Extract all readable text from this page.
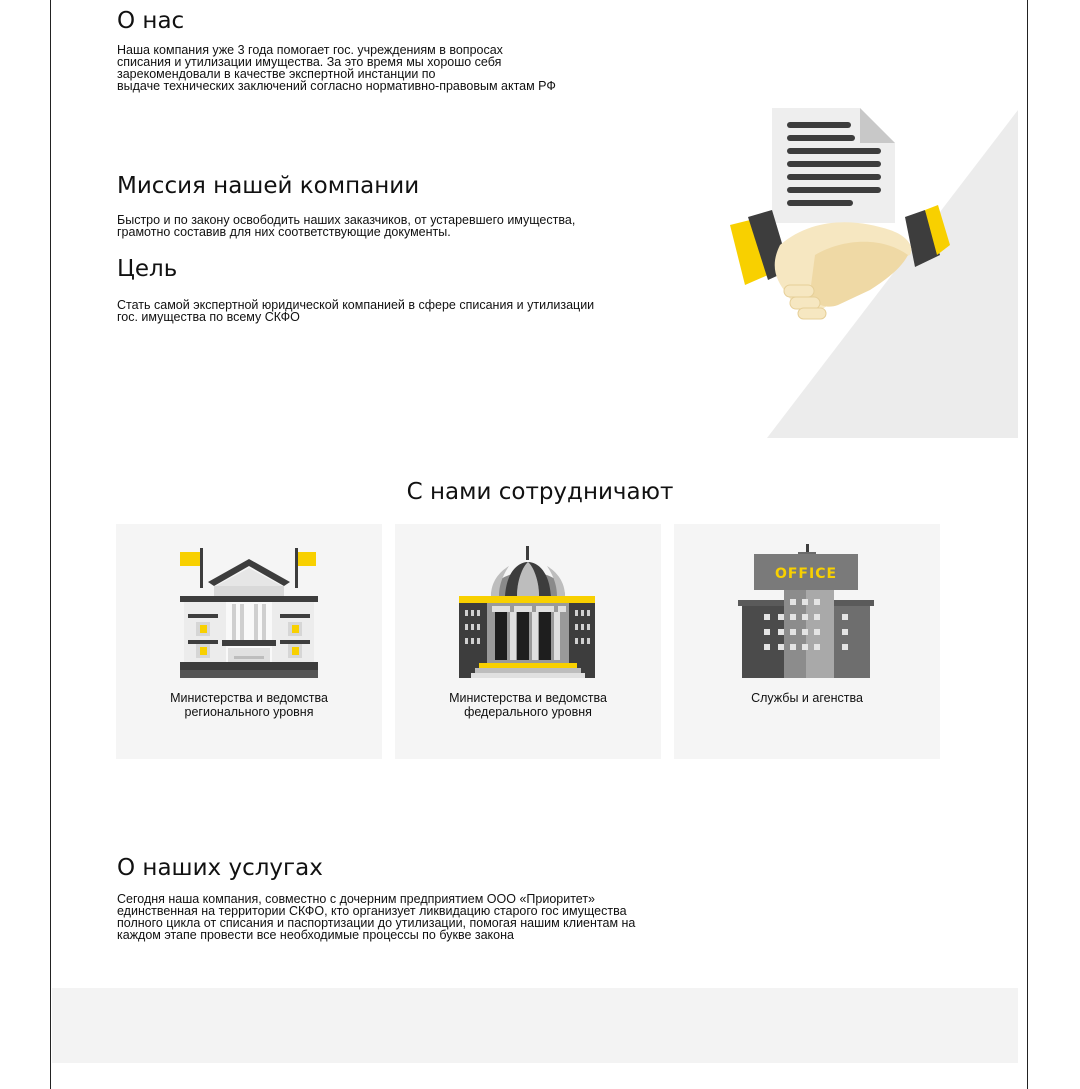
О нас

Наша компания уже 3 года помогает гос. учреждениям в вопросах
списания и утилизации имущества. За это время мы хорошо себя
зарекомендовали в качестве экспертной инстанции по
выдаче технических заключений согласно нормативно-правовым актам РФ

Миссия нашей компании

Быстро и по закону освободить наших заказчиков, от устаревшего имущества,
грамотно составив для них соответствующие документы.

Цель

Стать самой экспертной юридической компанией в сфере списания и утилизации
гос. имущества по всему СКФО

С нами сотрудничают
Министерства и ведомства
регионального уровня
Министерства и ведомства
федерального уровня
OFFICE
Службы и агенства
О наших услугах

Сегодня наша компания, совместно с дочерним предприятием ООО «Приоритет»
единственная на территории СКФО, кто организует ликвидацию старого гос имущества
полного цикла от списания и паспортизации до утилизации, помогая нашим клиентам на
каждом этапе провести все необходимые процессы по букве закона
